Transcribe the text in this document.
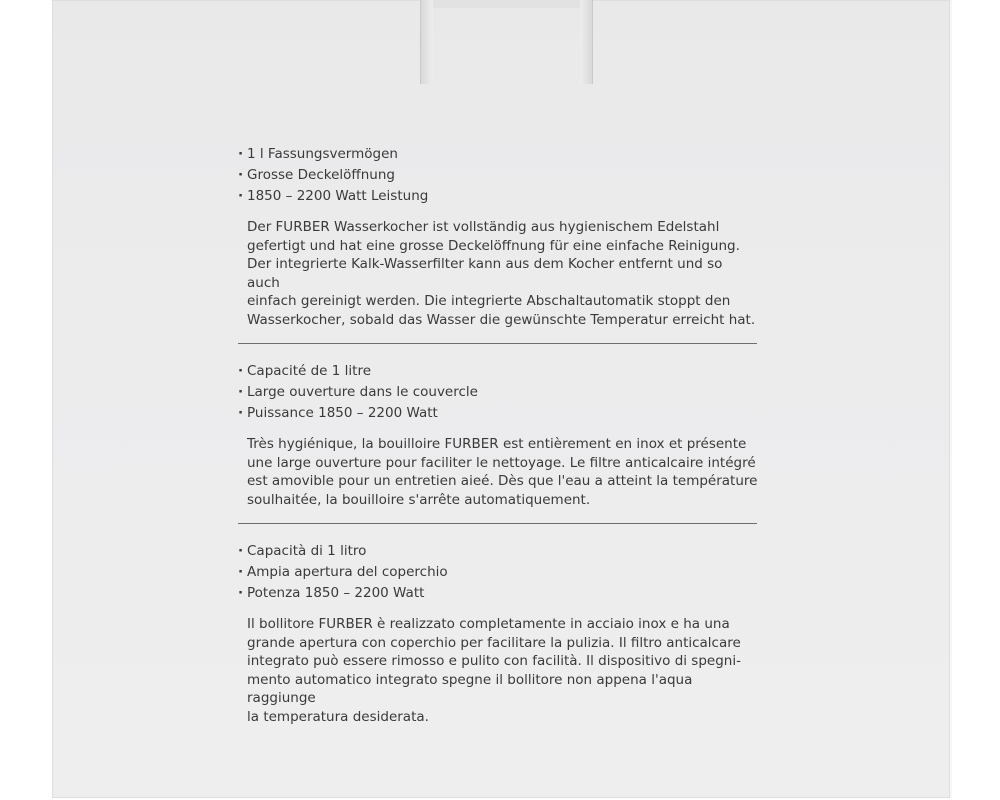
· 1 l Fassungsvermögen
· Grosse Deckelöffnung
· 1850 – 2200 Watt Leistung
Der FURBER Wasserkocher ist vollständig aus hygienischem Edelstahl
gefertigt und hat eine grosse Deckelöffnung für eine einfache Reinigung.
Der integrierte Kalk-Wasserfilter kann aus dem Kocher entfernt und so auch
einfach gereinigt werden. Die integrierte Abschaltautomatik stoppt den
Wasserkocher, sobald das Wasser die gewünschte Temperatur erreicht hat.
· Capacité de 1 litre
· Large ouverture dans le couvercle
· Puissance 1850 – 2200 Watt
Très hygiénique, la bouilloire FURBER est entièrement en inox et présente
une large ouverture pour faciliter le nettoyage. Le filtre anticalcaire intégré
est amovible pour un entretien aieé. Dès que l'eau a atteint la température
soulhaitée, la bouilloire s'arrête automatiquement.
· Capacità di 1 litro
· Ampia apertura del coperchio
· Potenza 1850 – 2200 Watt
Il bollitore FURBER è realizzato completamente in acciaio inox e ha una
grande apertura con coperchio per facilitare la pulizia. Il filtro anticalcare
integrato può essere rimosso e pulito con facilità. Il dispositivo di spegni-
mento automatico integrato spegne il bollitore non appena l'aqua raggiunge
la temperatura desiderata.
